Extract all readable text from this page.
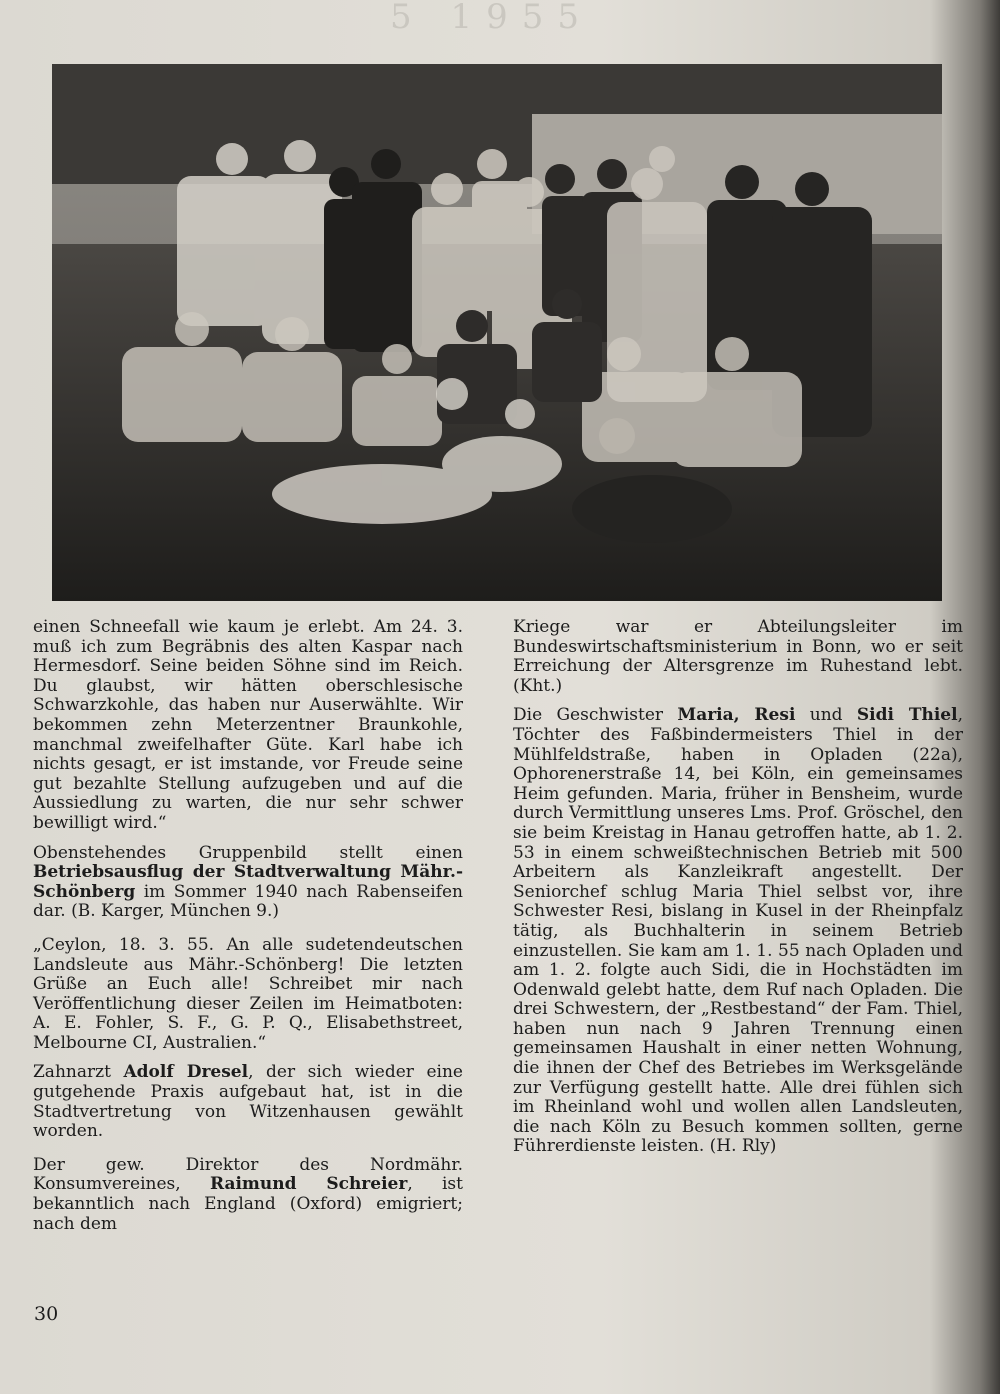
5 1955

einen Schneefall wie kaum je erlebt. Am 24. 3. muß ich zum Begräbnis des alten Kaspar nach Hermesdorf. Seine beiden Söhne sind im Reich. Du glaubst, wir hätten oberschlesische Schwarzkohle, das haben nur Auserwählte. Wir bekommen zehn Meterzentner Braunkohle, manchmal zweifelhafter Güte. Karl habe ich nichts gesagt, er ist imstande, vor Freude seine gut bezahlte Stellung aufzugeben und auf die Aussiedlung zu warten, die nur sehr schwer bewilligt wird.“

Obenstehendes Gruppenbild stellt einen Betriebsausflug der Stadtverwaltung Mähr.-Schönberg im Sommer 1940 nach Rabenseifen dar. (B. Karger, München 9.)

„Ceylon, 18. 3. 55. An alle sudetendeutschen Landsleute aus Mähr.-Schönberg! Die letzten Grüße an Euch alle! Schreibet mir nach Veröffentlichung dieser Zeilen im Heimatboten: A. E. Fohler, S. F., G. P. Q., Elisabethstreet, Melbourne CI, Australien.“

Zahnarzt Adolf Dresel, der sich wieder eine gutgehende Praxis aufgebaut hat, ist in die Stadtvertretung von Witzenhausen gewählt worden.

Der gew. Direktor des Nordmähr. Konsumvereines, Raimund Schreier, ist bekanntlich nach England (Oxford) emigriert; nach dem

Kriege war er Abteilungsleiter im Bundeswirtschaftsministerium in Bonn, wo er seit Erreichung der Altersgrenze im Ruhestand lebt. (Kht.)

Die Geschwister Maria, Resi und Sidi Thiel, Töchter des Faßbindermeisters Thiel in der Mühlfeldstraße, haben in Opladen (22a), Ophorenerstraße 14, bei Köln, ein gemeinsames Heim gefunden. Maria, früher in Bensheim, wurde durch Vermittlung unseres Lms. Prof. Gröschel, den sie beim Kreistag in Hanau getroffen hatte, ab 1. 2. 53 in einem schweißtechnischen Betrieb mit 500 Arbeitern als Kanzleikraft angestellt. Der Seniorchef schlug Maria Thiel selbst vor, ihre Schwester Resi, bislang in Kusel in der Rheinpfalz tätig, als Buchhalterin in seinem Betrieb einzustellen. Sie kam am 1. 1. 55 nach Opladen und am 1. 2. folgte auch Sidi, die in Hochstädten im Odenwald gelebt hatte, dem Ruf nach Opladen. Die drei Schwestern, der „Restbestand“ der Fam. Thiel, haben nun nach 9 Jahren Trennung einen gemeinsamen Haushalt in einer netten Wohnung, die ihnen der Chef des Betriebes im Werksgelände zur Verfügung gestellt hatte. Alle drei fühlen sich im Rheinland wohl und wollen allen Landsleuten, die nach Köln zu Besuch kommen sollten, gerne Führerdienste leisten. (H. Rly)

30
